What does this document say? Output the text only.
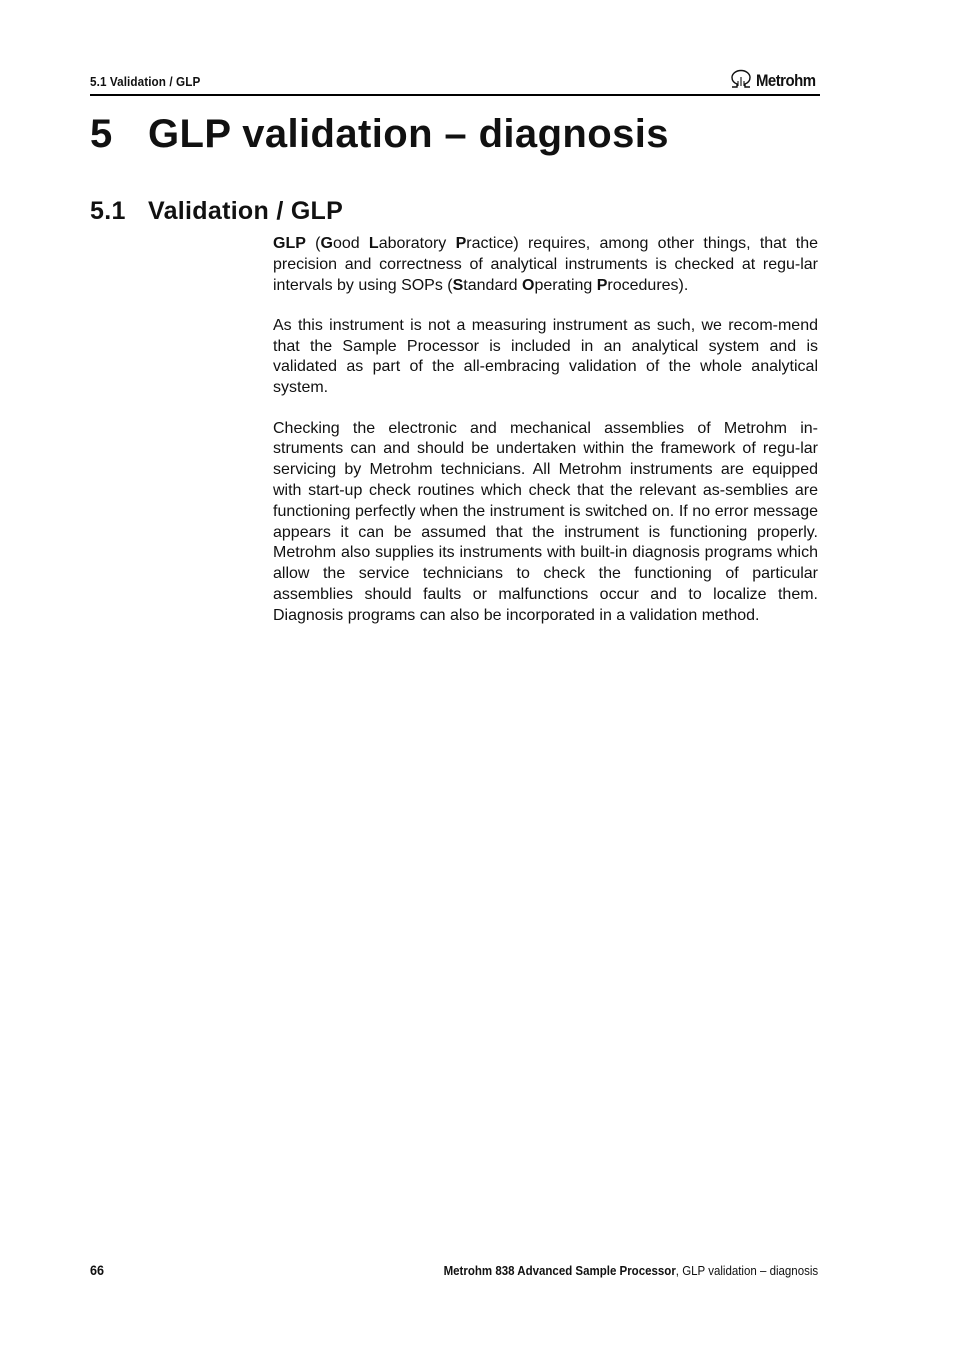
5.1 Validation / GLP	Metrohm
5 GLP validation – diagnosis
5.1 Validation / GLP

GLP (Good Laboratory Practice) requires, among other things, that the precision and correctness of analytical instruments is checked at regu-lar intervals by using SOPs (Standard Operating Procedures).

As this instrument is not a measuring instrument as such, we recom-mend that the Sample Processor is included in an analytical system and is validated as part of the all-embracing validation of the whole analytical system.

Checking the electronic and mechanical assemblies of Metrohm in-struments can and should be undertaken within the framework of regu-lar servicing by Metrohm technicians. All Metrohm instruments are equipped with start-up check routines which check that the relevant as-semblies are functioning perfectly when the instrument is switched on. If no error message appears it can be assumed that the instrument is functioning properly. Metrohm also supplies its instruments with built-in diagnosis programs which allow the service technicians to check the functioning of particular assemblies should faults or malfunctions occur and to localize them. Diagnosis programs can also be incorporated in a validation method.

66	Metrohm 838 Advanced Sample Processor, GLP validation – diagnosis
